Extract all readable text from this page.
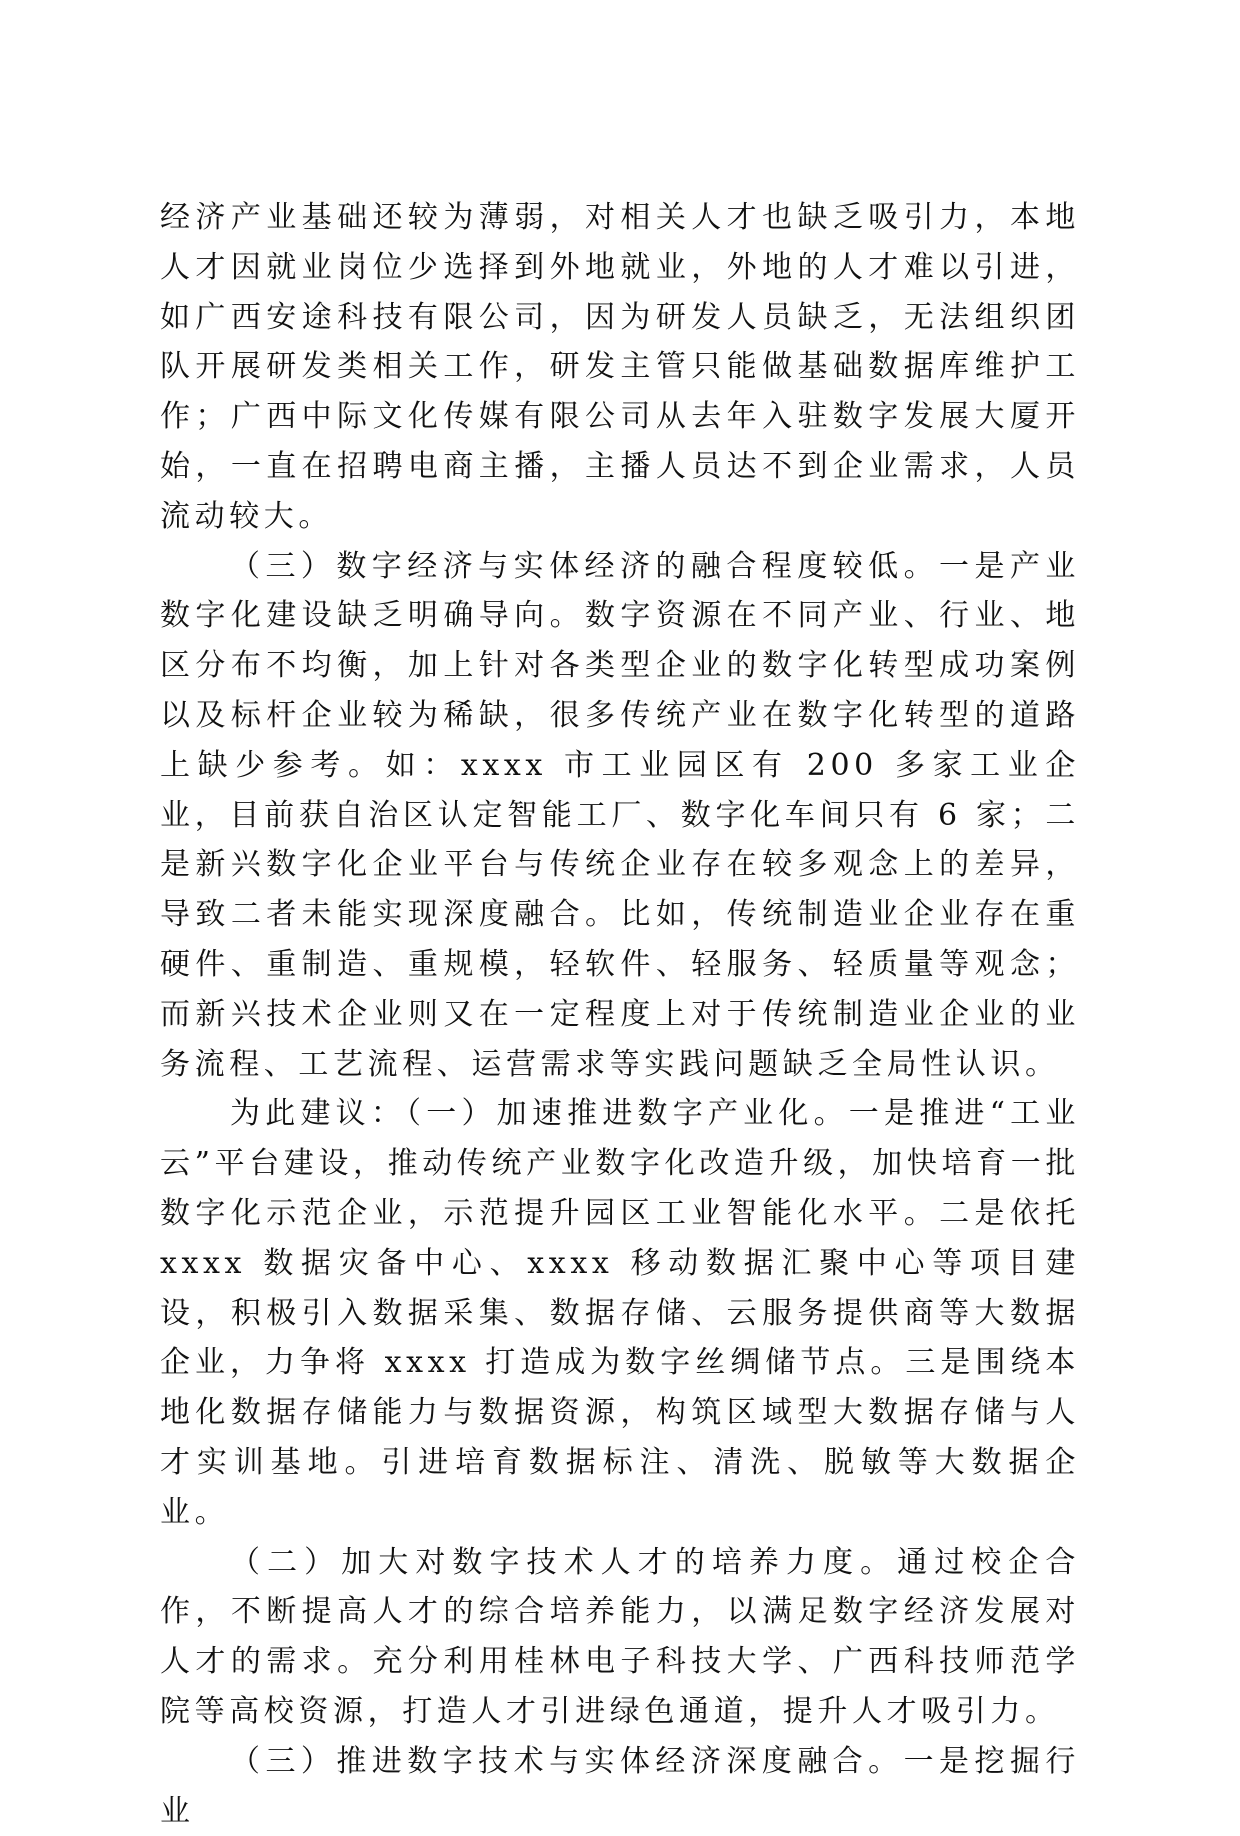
经济产业基础还较为薄弱，对相关人才也缺乏吸引力，本地人才因就业岗位少选择到外地就业，外地的人才难以引进，如广西安途科技有限公司，因为研发人员缺乏，无法组织团队开展研发类相关工作，研发主管只能做基础数据库维护工作；广西中际文化传媒有限公司从去年入驻数字发展大厦开始，一直在招聘电商主播，主播人员达不到企业需求，人员流动较大。

（三）数字经济与实体经济的融合程度较低。一是产业数字化建设缺乏明确导向。数字资源在不同产业、行业、地区分布不均衡，加上针对各类型企业的数字化转型成功案例以及标杆企业较为稀缺，很多传统产业在数字化转型的道路上缺少参考。如：xxxx 市工业园区有 200 多家工业企业，目前获自治区认定智能工厂、数字化车间只有 6 家；二是新兴数字化企业平台与传统企业存在较多观念上的差异，导致二者未能实现深度融合。比如，传统制造业企业存在重硬件、重制造、重规模，轻软件、轻服务、轻质量等观念；而新兴技术企业则又在一定程度上对于传统制造业企业的业务流程、工艺流程、运营需求等实践问题缺乏全局性认识。

为此建议：（一）加速推进数字产业化。一是推进“工业云”平台建设，推动传统产业数字化改造升级，加快培育一批数字化示范企业，示范提升园区工业智能化水平。二是依托 xxxx 数据灾备中心、xxxx 移动数据汇聚中心等项目建设，积极引入数据采集、数据存储、云服务提供商等大数据企业，力争将 xxxx 打造成为数字丝绸储节点。三是围绕本地化数据存储能力与数据资源，构筑区域型大数据存储与人才实训基地。引进培育数据标注、清洗、脱敏等大数据企业。

（二）加大对数字技术人才的培养力度。通过校企合作，不断提高人才的综合培养能力，以满足数字经济发展对人才的需求。充分利用桂林电子科技大学、广西科技师范学院等高校资源，打造人才引进绿色通道，提升人才吸引力。

（三）推进数字技术与实体经济深度融合。一是挖掘行业
